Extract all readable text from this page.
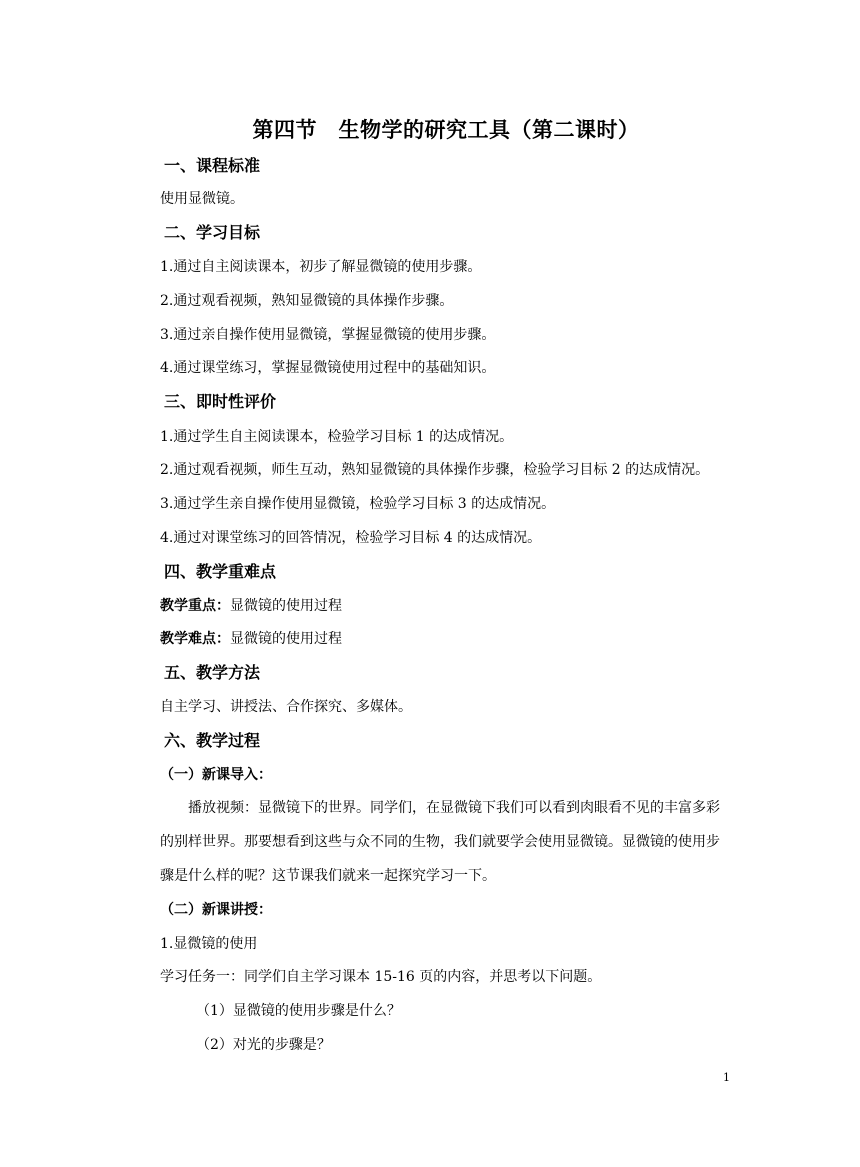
第四节　生物学的研究工具（第二课时）
一、课程标准
使用显微镜。
二、学习目标
1.通过自主阅读课本，初步了解显微镜的使用步骤。
2.通过观看视频，熟知显微镜的具体操作步骤。
3.通过亲自操作使用显微镜，掌握显微镜的使用步骤。
4.通过课堂练习，掌握显微镜使用过程中的基础知识。
三、即时性评价
1.通过学生自主阅读课本，检验学习目标 1 的达成情况。
2.通过观看视频，师生互动，熟知显微镜的具体操作步骤，检验学习目标 2 的达成情况。
3.通过学生亲自操作使用显微镜，检验学习目标 3 的达成情况。
4.通过对课堂练习的回答情况，检验学习目标 4 的达成情况。
四、教学重难点
教学重点：显微镜的使用过程
教学难点：显微镜的使用过程
五、教学方法
自主学习、讲授法、合作探究、多媒体。
六、教学过程
（一）新课导入：
播放视频：显微镜下的世界。同学们，在显微镜下我们可以看到肉眼看不见的丰富多彩
的别样世界。那要想看到这些与众不同的生物，我们就要学会使用显微镜。显微镜的使用步
骤是什么样的呢？这节课我们就来一起探究学习一下。
（二）新课讲授：
1.显微镜的使用
学习任务一：同学们自主学习课本 15-16 页的内容，并思考以下问题。
（1）显微镜的使用步骤是什么？
（2）对光的步骤是？
1
